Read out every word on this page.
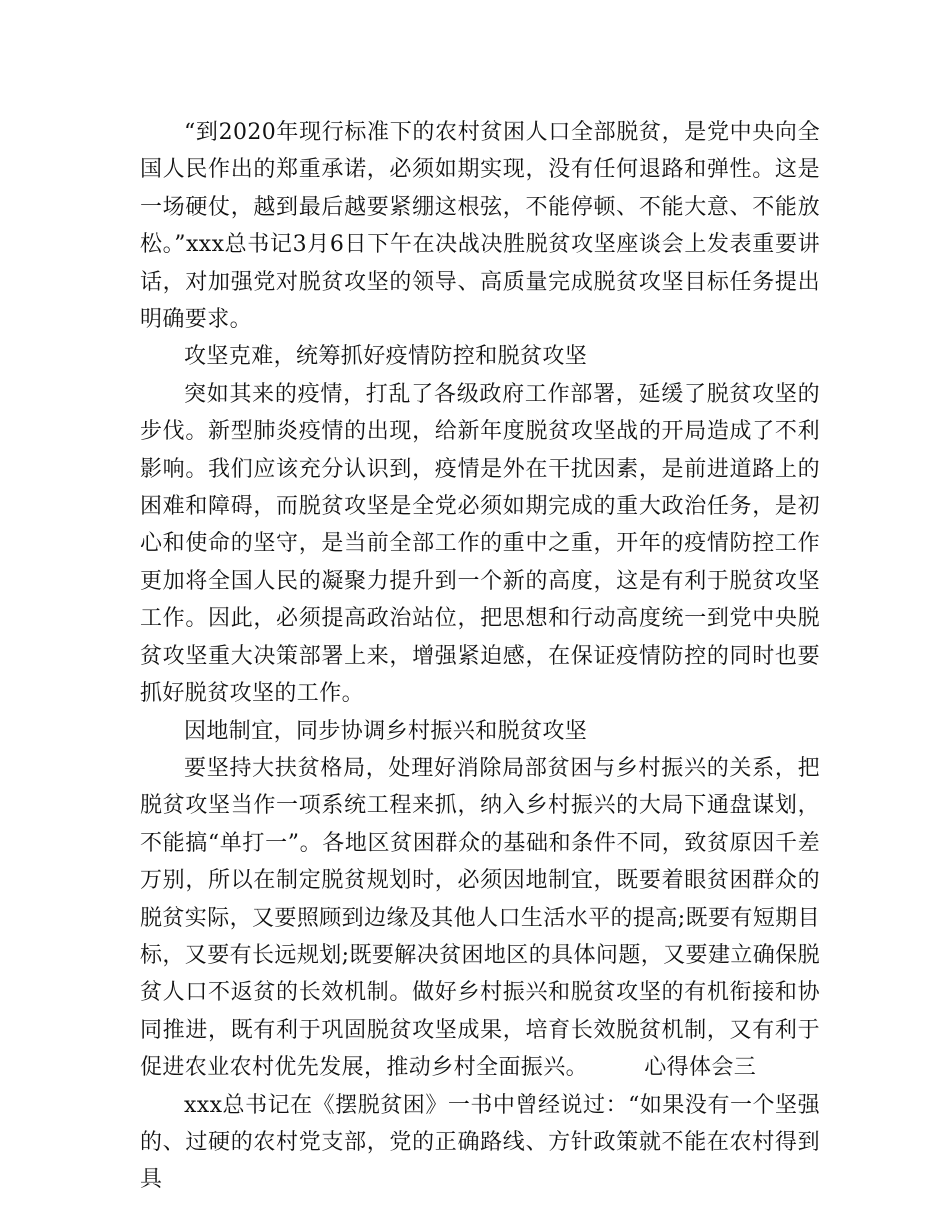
“到2020年现行标准下的农村贫困人口全部脱贫，是党中央向全国人民作出的郑重承诺，必须如期实现，没有任何退路和弹性。这是一场硬仗，越到最后越要紧绷这根弦，不能停顿、不能大意、不能放松。”xxx总书记3月6日下午在决战决胜脱贫攻坚座谈会上发表重要讲话，对加强党对脱贫攻坚的领导、高质量完成脱贫攻坚目标任务提出明确要求。

攻坚克难，统筹抓好疫情防控和脱贫攻坚

突如其来的疫情，打乱了各级政府工作部署，延缓了脱贫攻坚的步伐。新型肺炎疫情的出现，给新年度脱贫攻坚战的开局造成了不利影响。我们应该充分认识到，疫情是外在干扰因素，是前进道路上的困难和障碍，而脱贫攻坚是全党必须如期完成的重大政治任务，是初心和使命的坚守，是当前全部工作的重中之重，开年的疫情防控工作更加将全国人民的凝聚力提升到一个新的高度，这是有利于脱贫攻坚工作。因此，必须提高政治站位，把思想和行动高度统一到党中央脱贫攻坚重大决策部署上来，增强紧迫感，在保证疫情防控的同时也要抓好脱贫攻坚的工作。

因地制宜，同步协调乡村振兴和脱贫攻坚

要坚持大扶贫格局，处理好消除局部贫困与乡村振兴的关系，把脱贫攻坚当作一项系统工程来抓，纳入乡村振兴的大局下通盘谋划，不能搞“单打一”。各地区贫困群众的基础和条件不同，致贫原因千差万别，所以在制定脱贫规划时，必须因地制宜，既要着眼贫困群众的脱贫实际，又要照顾到边缘及其他人口生活水平的提高;既要有短期目标，又要有长远规划;既要解决贫困地区的具体问题，又要建立确保脱贫人口不返贫的长效机制。做好乡村振兴和脱贫攻坚的有机衔接和协同推进，既有利于巩固脱贫攻坚成果，培育长效脱贫机制，又有利于促进农业农村优先发展，推动乡村全面振兴。　　　心得体会三

xxx总书记在《摆脱贫困》一书中曾经说过：“如果没有一个坚强的、过硬的农村党支部，党的正确路线、方针政策就不能在农村得到具
